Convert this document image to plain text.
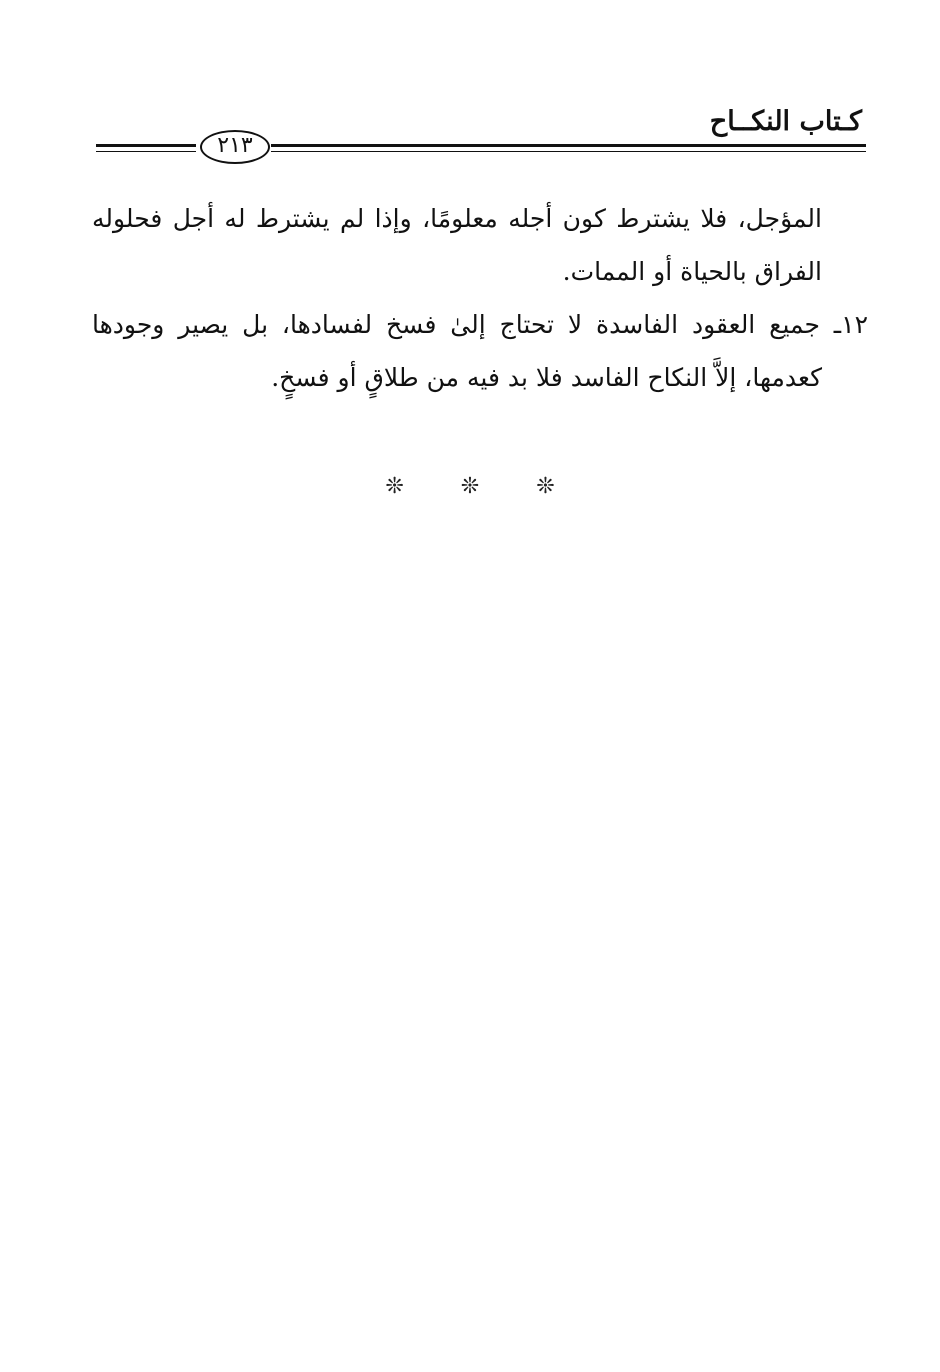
كـتاب النكــاح
٢١٣

المؤجل، فلا يشترط كون أجله معلومًا، وإذا لم يشترط له أجل فحلوله الفراق بالحياة أو الممات.

١٢ـ جميع العقود الفاسدة لا تحتاج إلىٰ فسخ لفسادها، بل يصير وجودها كعدمها، إلاَّ النكاح الفاسد فلا بد فيه من طلاقٍ أو فسخٍ.

❊ ❊ ❊
